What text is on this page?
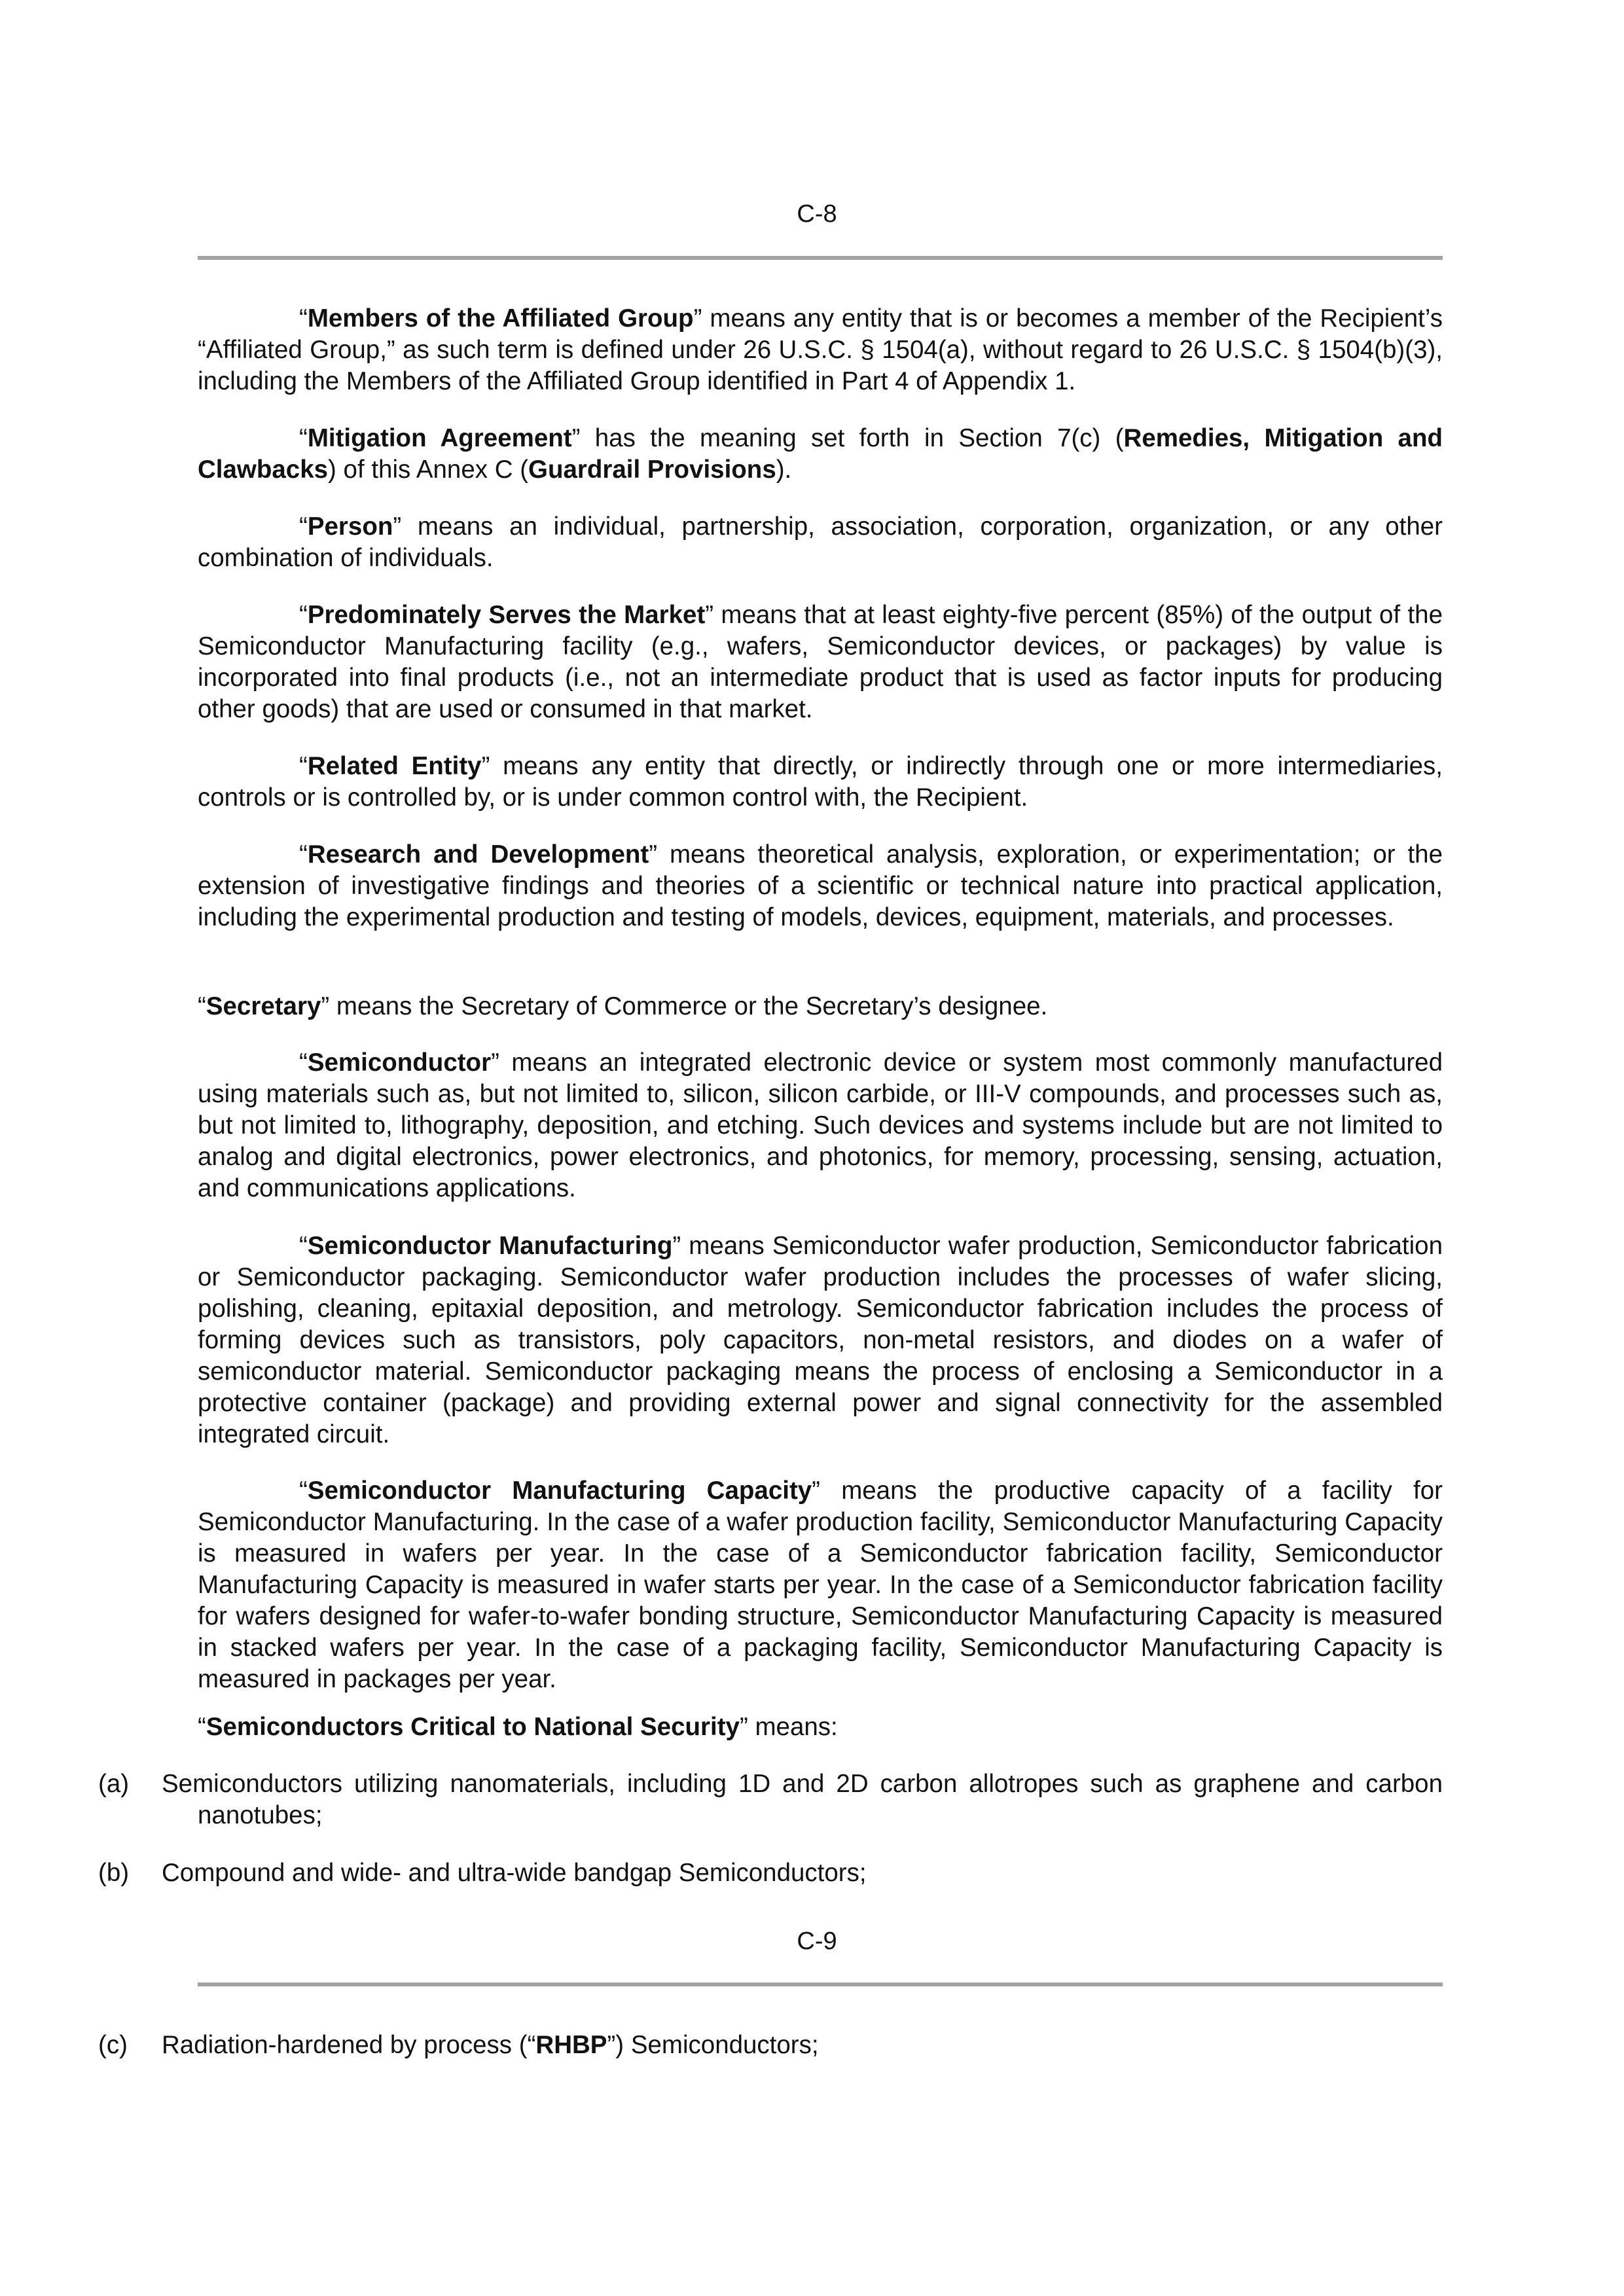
C-8

“Members of the Affiliated Group” means any entity that is or becomes a member of the Recipient’s “Affiliated Group,” as such term is defined under 26 U.S.C. § 1504(a), without regard to 26 U.S.C. § 1504(b)(3), including the Members of the Affiliated Group identified in Part 4 of Appendix 1.

“Mitigation Agreement” has the meaning set forth in Section 7(c) (Remedies, Mitigation and Clawbacks) of this Annex C (Guardrail Provisions).

“Person” means an individual, partnership, association, corporation, organization, or any other combination of individuals.

“Predominately Serves the Market” means that at least eighty-five percent (85%) of the output of the Semiconductor Manufacturing facility (e.g., wafers, Semiconductor devices, or packages) by value is incorporated into final products (i.e., not an intermediate product that is used as factor inputs for producing other goods) that are used or consumed in that market.

“Related Entity” means any entity that directly, or indirectly through one or more intermediaries, controls or is controlled by, or is under common control with, the Recipient.

“Research and Development” means theoretical analysis, exploration, or experimentation; or the extension of investigative findings and theories of a scientific or technical nature into practical application, including the experimental production and testing of models, devices, equipment, materials, and processes.

“Secretary” means the Secretary of Commerce or the Secretary’s designee.

“Semiconductor” means an integrated electronic device or system most commonly manufactured using materials such as, but not limited to, silicon, silicon carbide, or III-V compounds, and processes such as, but not limited to, lithography, deposition, and etching. Such devices and systems include but are not limited to analog and digital electronics, power electronics, and photonics, for memory, processing, sensing, actuation, and communications applications.

“Semiconductor Manufacturing” means Semiconductor wafer production, Semiconductor fabrication or Semiconductor packaging. Semiconductor wafer production includes the processes of wafer slicing, polishing, cleaning, epitaxial deposition, and metrology. Semiconductor fabrication includes the process of forming devices such as transistors, poly capacitors, non-metal resistors, and diodes on a wafer of semiconductor material. Semiconductor packaging means the process of enclosing a Semiconductor in a protective container (package) and providing external power and signal connectivity for the assembled integrated circuit.

“Semiconductor Manufacturing Capacity” means the productive capacity of a facility for Semiconductor Manufacturing. In the case of a wafer production facility, Semiconductor Manufacturing Capacity is measured in wafers per year. In the case of a Semiconductor fabrication facility, Semiconductor Manufacturing Capacity is measured in wafer starts per year. In the case of a Semiconductor fabrication facility for wafers designed for wafer-to-wafer bonding structure, Semiconductor Manufacturing Capacity is measured in stacked wafers per year. In the case of a packaging facility, Semiconductor Manufacturing Capacity is measured in packages per year.

“Semiconductors Critical to National Security” means:

(a)	Semiconductors utilizing nanomaterials, including 1D and 2D carbon allotropes such as graphene and carbon nanotubes;

(b)	Compound and wide- and ultra-wide bandgap Semiconductors;

C-9
(c)	Radiation-hardened by process (“RHBP”) Semiconductors;
